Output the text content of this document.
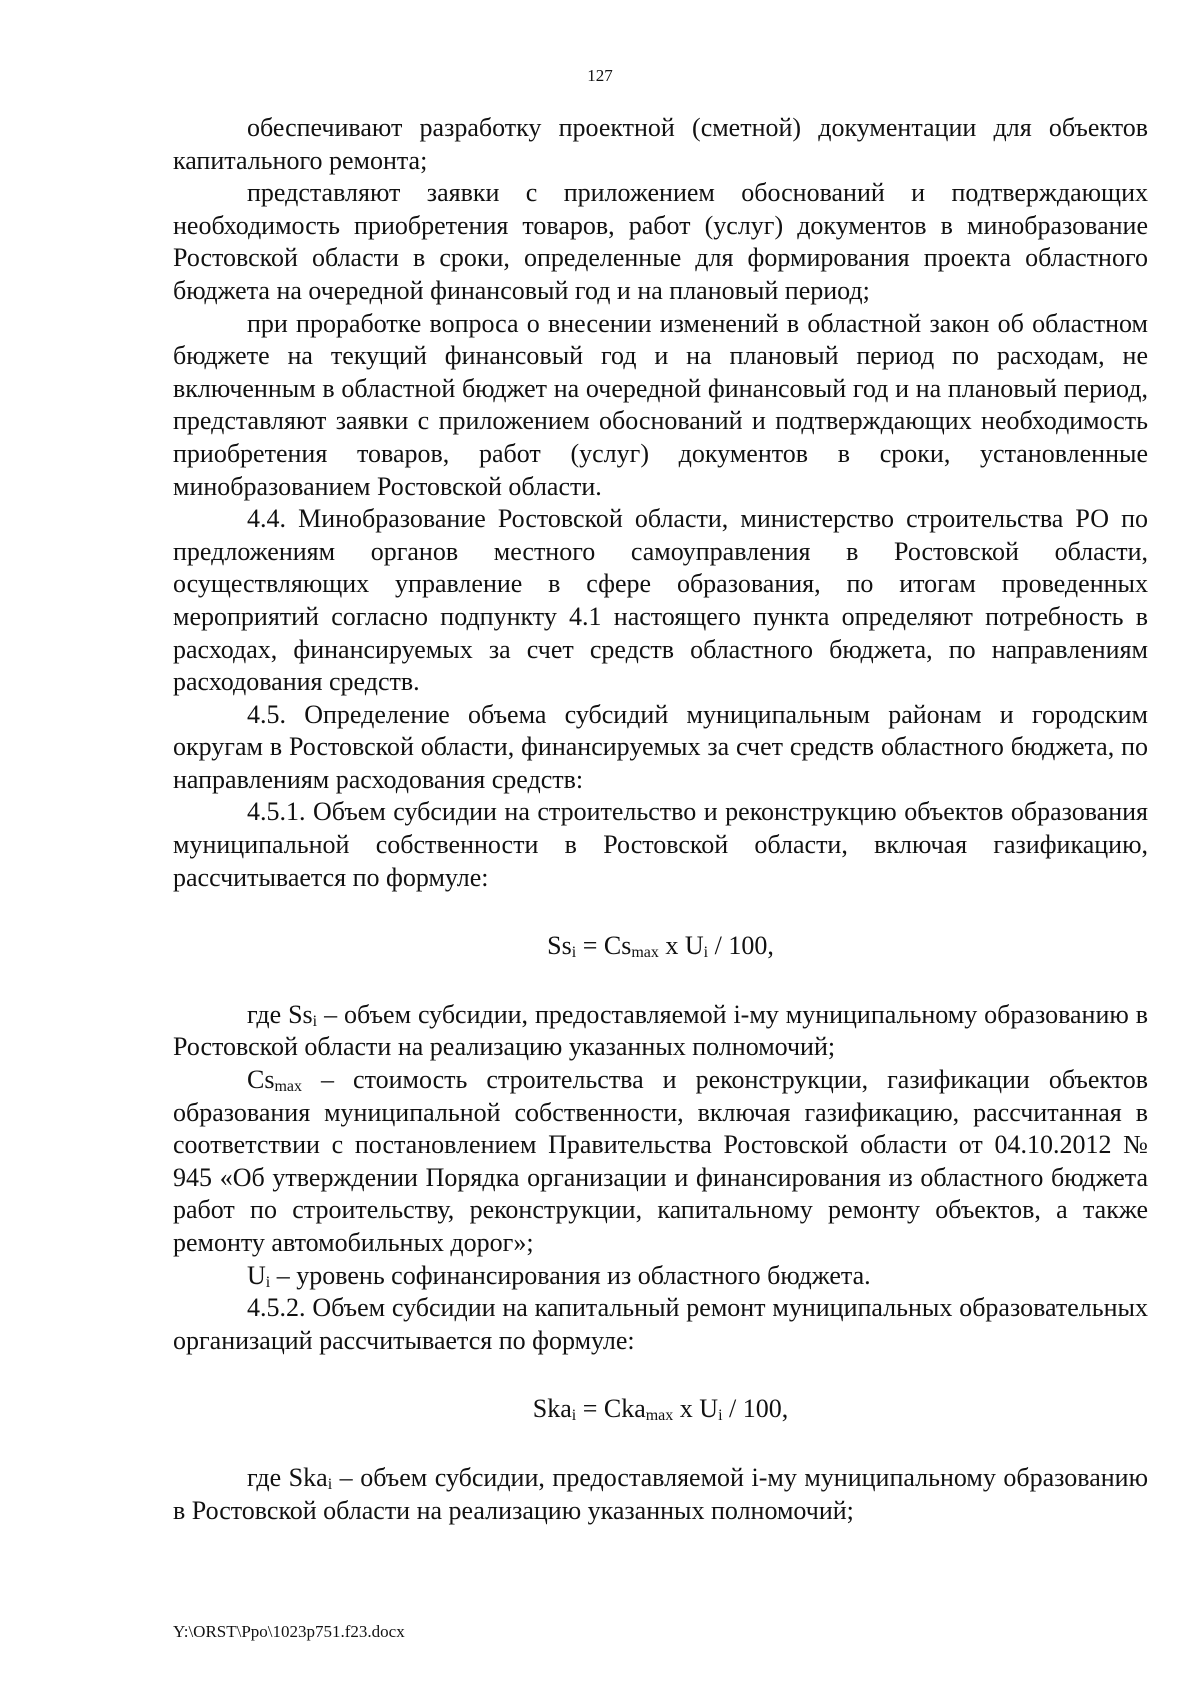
127

обеспечивают разработку проектной (сметной) документации для объектов капитального ремонта;

представляют заявки с приложением обоснований и подтверждающих необходимость приобретения товаров, работ (услуг) документов в минобразование Ростовской области в сроки, определенные для формирования проекта областного бюджета на очередной финансовый год и на плановый период;

при проработке вопроса о внесении изменений в областной закон об областном бюджете на текущий финансовый год и на плановый период по расходам, не включенным в областной бюджет на очередной финансовый год и на плановый период, представляют заявки с приложением обоснований и подтверждающих необходимость приобретения товаров, работ (услуг) документов в сроки, установленные минобразованием Ростовской области.

4.4. Минобразование Ростовской области, министерство строительства РО по предложениям органов местного самоуправления в Ростовской области, осуществляющих управление в сфере образования, по итогам проведенных мероприятий согласно подпункту 4.1 настоящего пункта определяют потребность в расходах, финансируемых за счет средств областного бюджета, по направлениям расходования средств.

4.5. Определение объема субсидий муниципальным районам и городским округам в Ростовской области, финансируемых за счет средств областного бюджета, по направлениям расходования средств:

4.5.1. Объем субсидии на строительство и реконструкцию объектов образования муниципальной собственности в Ростовской области, включая газификацию, рассчитывается по формуле:

$Ss_i = Cs_{max}$ x $U_i / 100$,

где $Ss_i$ – объем субсидии, предоставляемой i-му муниципальному образованию в Ростовской области на реализацию указанных полномочий;

$Cs_{max}$ – стоимость строительства и реконструкции, газификации объектов образования муниципальной собственности, включая газификацию, рассчитанная в соответствии с постановлением Правительства Ростовской области от 04.10.2012 № 945 «Об утверждении Порядка организации и финансирования из областного бюджета работ по строительству, реконструкции, капитальному ремонту объектов, а также ремонту автомобильных дорог»;

$U_i$ – уровень софинансирования из областного бюджета.

4.5.2. Объем субсидии на капитальный ремонт муниципальных образовательных организаций рассчитывается по формуле:

Ska$_i$ = Cka$_{max}$ x $U_i / 100$,

где Ska$_i$ – объем субсидии, предоставляемой i-му муниципальному образованию в Ростовской области на реализацию указанных полномочий;

Y:\ORST\Ppo\1023p751.f23.docx
